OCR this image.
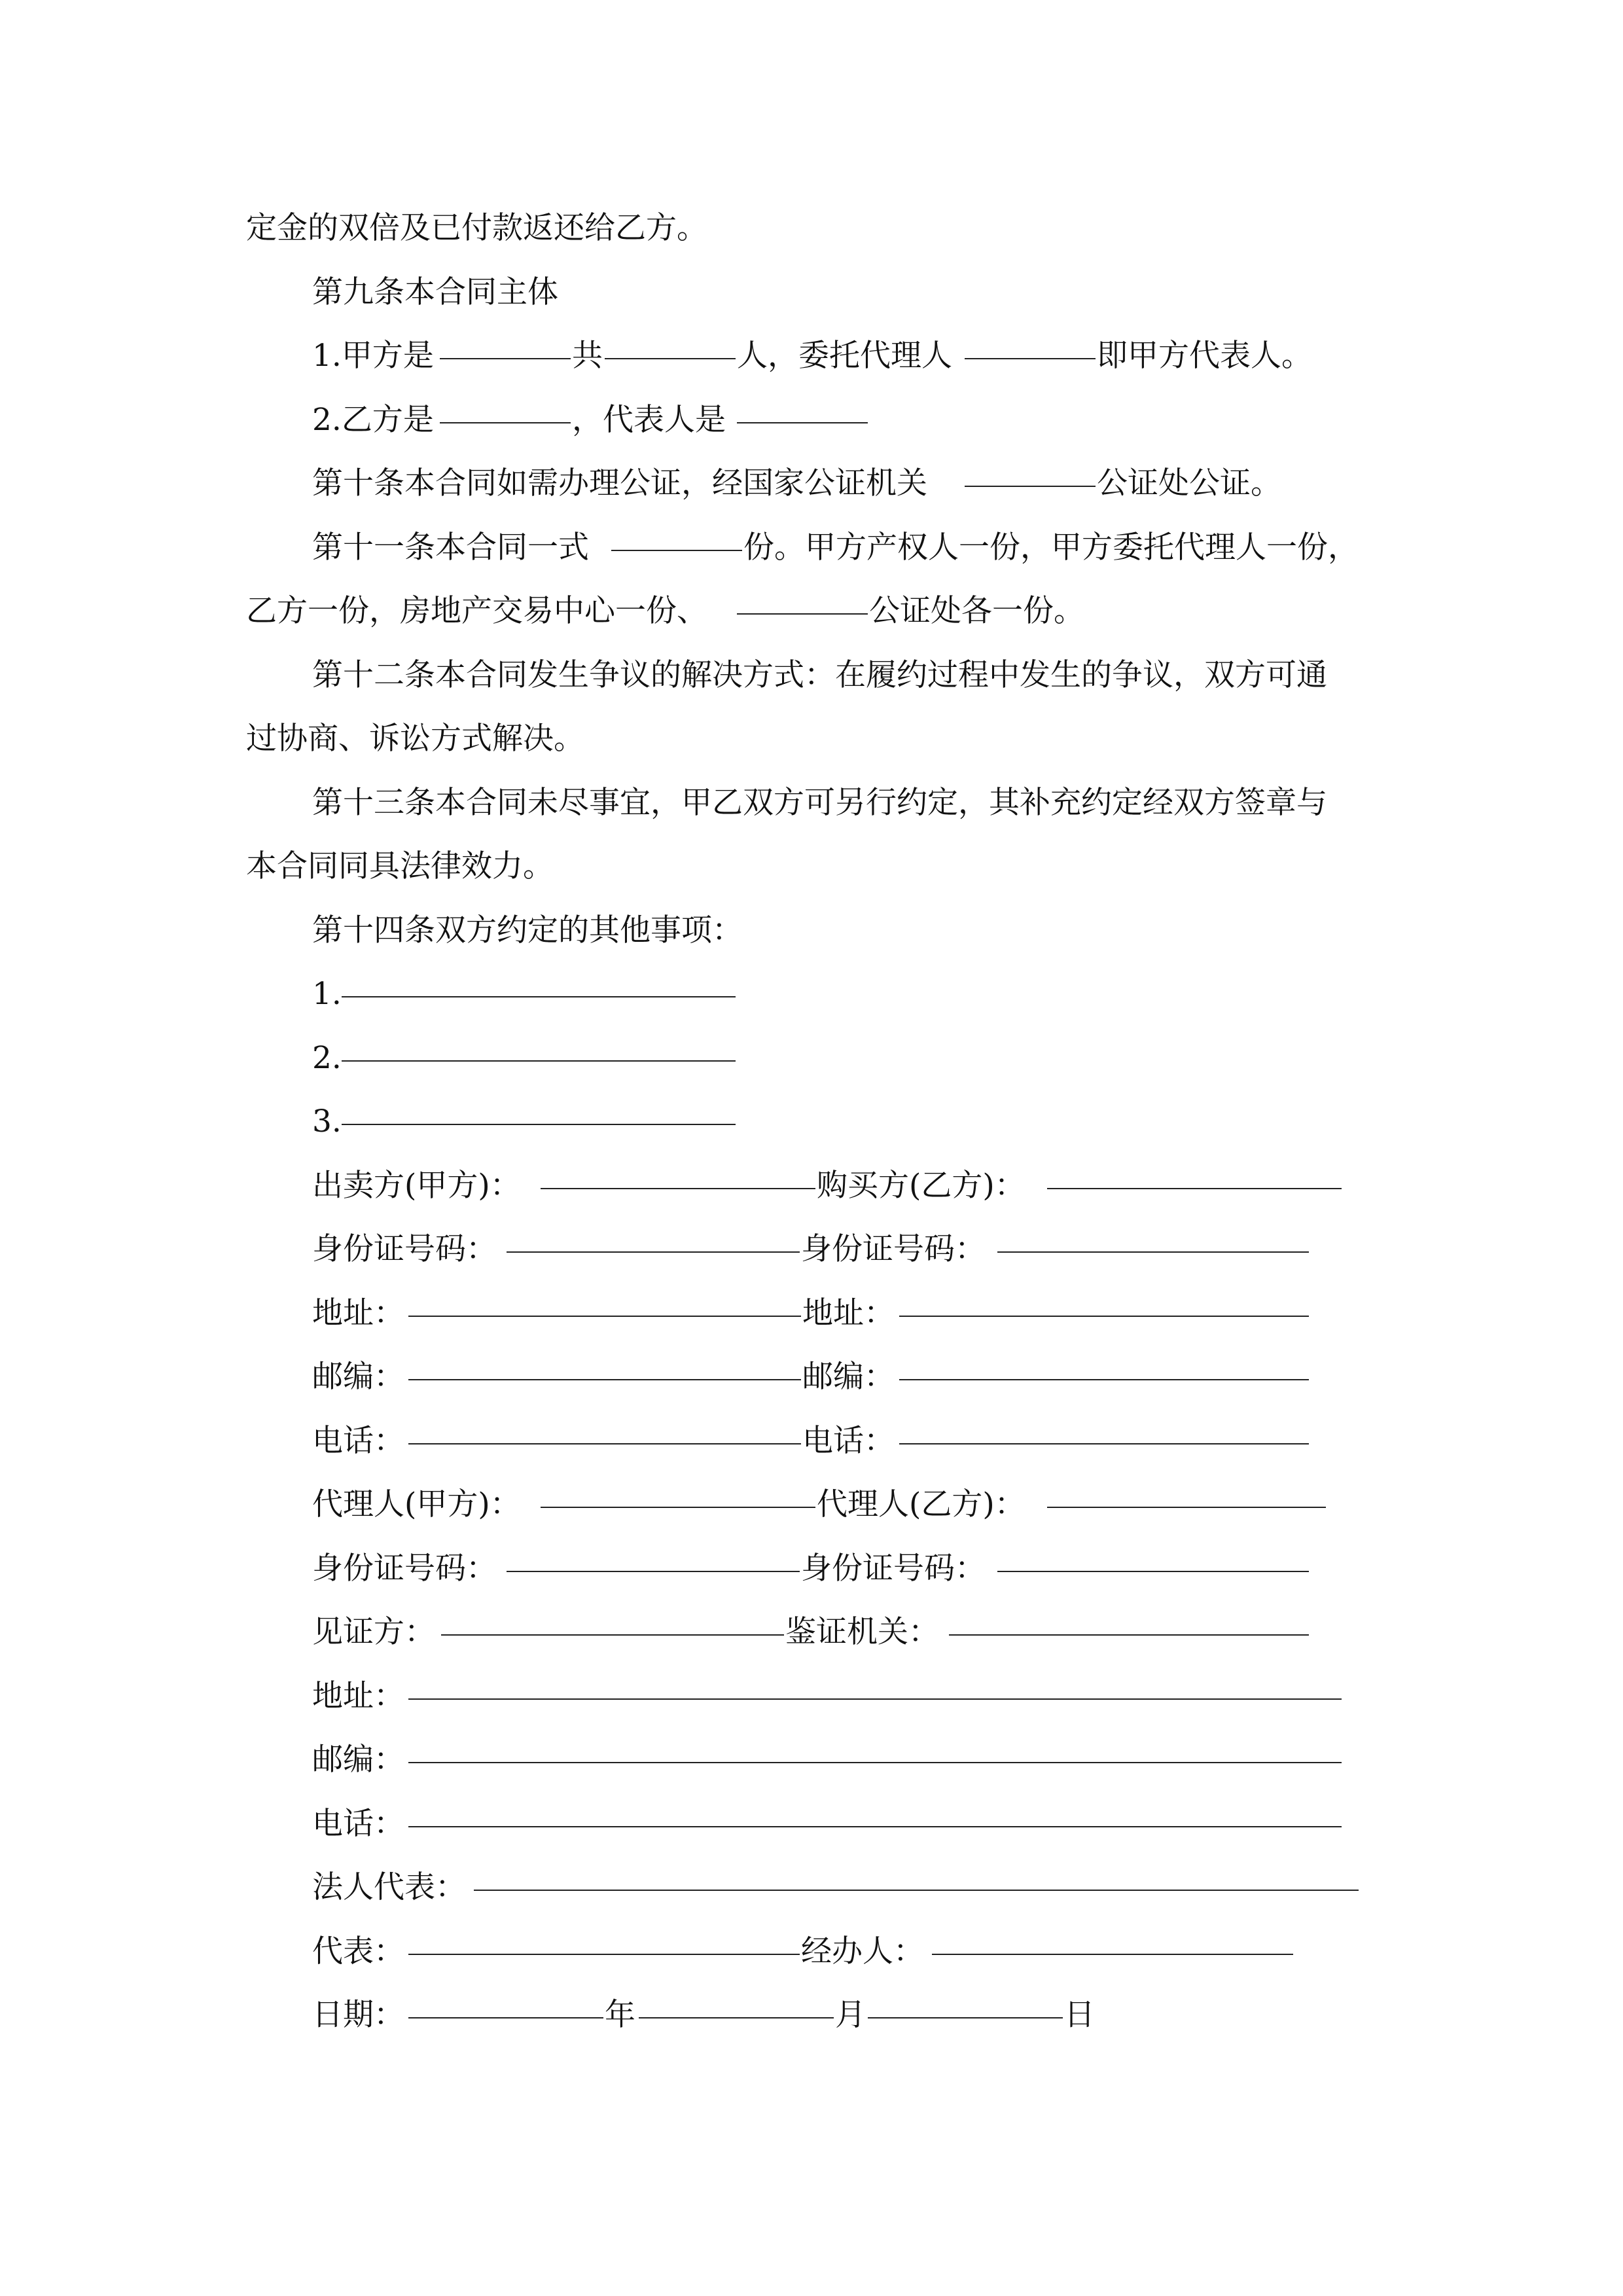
定金的双倍及已付款返还给乙方。
第九条本合同主体
1.甲方是	共	人，委托代理人	即甲方代表人。
2.乙方是	，代表人是
第十条本合同如需办理公证，经国家公证机关	公证处公证。
第十一条本合同一式	份。甲方产权人一份，甲方委托代理人一份，
乙方一份，房地产交易中心一份、	公证处各一份。
第十二条本合同发生争议的解决方式：在履约过程中发生的争议，双方可通
过协商、诉讼方式解决。
第十三条本合同未尽事宜，甲乙双方可另行约定，其补充约定经双方签章与
本合同同具法律效力。
第十四条双方约定的其他事项：
1.
2.
3.
出卖方(甲方)：	购买方(乙方)：
身份证号码：	身份证号码：
地址：	地址：
邮编：	邮编：
电话：	电话：
代理人(甲方)：	代理人(乙方)：
身份证号码：	身份证号码：
见证方：	鉴证机关：
地址：
邮编：
电话：
法人代表：
代表：	经办人：
日期：	年	月	日
